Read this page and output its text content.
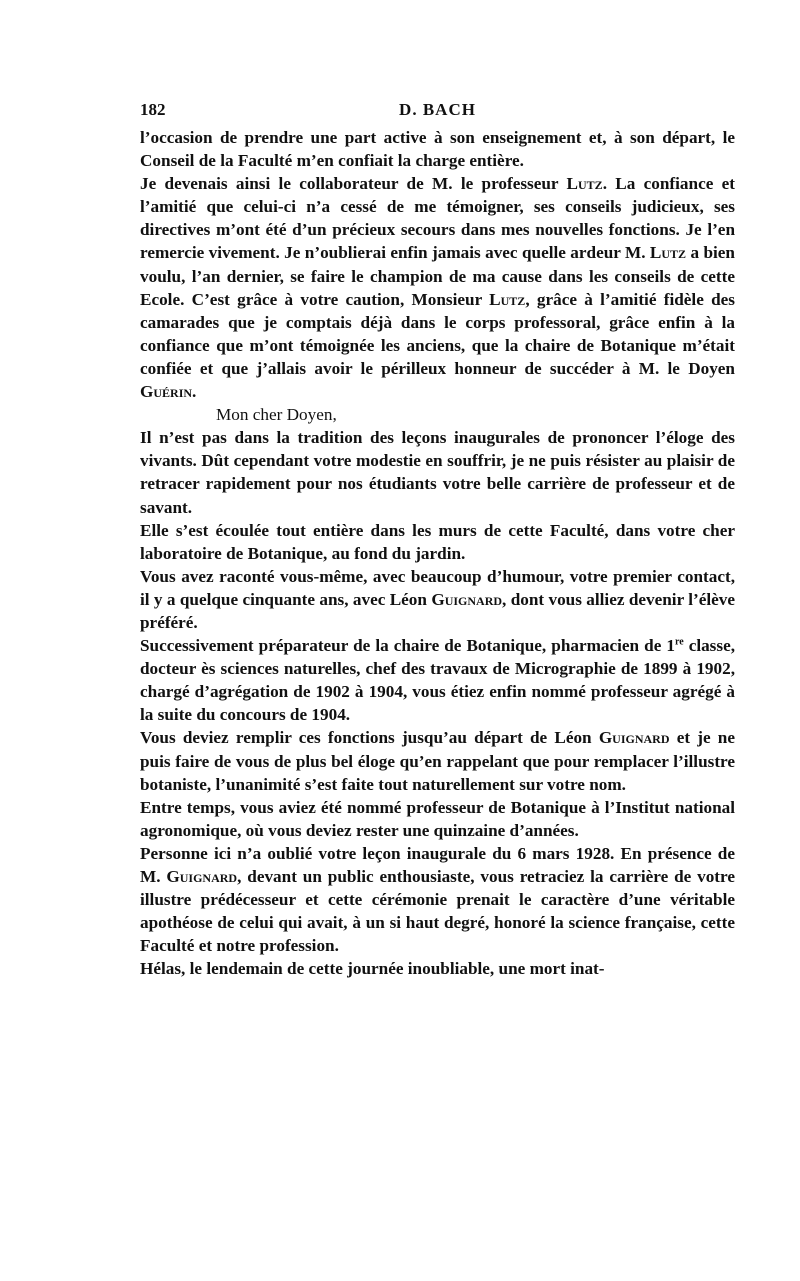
182	D. BACH

l’occasion de prendre une part active à son enseignement et, à son départ, le Conseil de la Faculté m’en confiait la charge entière.

Je devenais ainsi le collaborateur de M. le professeur Lutz. La confiance et l’amitié que celui-ci n’a cessé de me témoigner, ses conseils judicieux, ses directives m’ont été d’un précieux secours dans mes nouvelles fonctions. Je l’en remercie vivement. Je n’oublierai enfin jamais avec quelle ardeur M. Lutz a bien voulu, l’an dernier, se faire le champion de ma cause dans les conseils de cette Ecole. C’est grâce à votre caution, Monsieur Lutz, grâce à l’amitié fidèle des camarades que je comptais déjà dans le corps professoral, grâce enfin à la confiance que m’ont témoignée les anciens, que la chaire de Botanique m’était confiée et que j’allais avoir le périlleux honneur de succéder à M. le Doyen Guérin.

Mon cher Doyen,

Il n’est pas dans la tradition des leçons inaugurales de prononcer l’éloge des vivants. Dût cependant votre modestie en souffrir, je ne puis résister au plaisir de retracer rapidement pour nos étudiants votre belle carrière de professeur et de savant.

Elle s’est écoulée tout entière dans les murs de cette Faculté, dans votre cher laboratoire de Botanique, au fond du jardin.

Vous avez raconté vous-même, avec beaucoup d’humour, votre premier contact, il y a quelque cinquante ans, avec Léon Guignard, dont vous alliez devenir l’élève préféré.

Successivement préparateur de la chaire de Botanique, pharmacien de 1re classe, docteur ès sciences naturelles, chef des travaux de Micrographie de 1899 à 1902, chargé d’agrégation de 1902 à 1904, vous étiez enfin nommé professeur agrégé à la suite du concours de 1904.

Vous deviez remplir ces fonctions jusqu’au départ de Léon Guignard et je ne puis faire de vous de plus bel éloge qu’en rappelant que pour remplacer l’illustre botaniste, l’unanimité s’est faite tout naturellement sur votre nom.

Entre temps, vous aviez été nommé professeur de Botanique à l’Institut national agronomique, où vous deviez rester une quinzaine d’années.

Personne ici n’a oublié votre leçon inaugurale du 6 mars 1928. En présence de M. Guignard, devant un public enthousiaste, vous retraciez la carrière de votre illustre prédécesseur et cette cérémonie prenait le caractère d’une véritable apothéose de celui qui avait, à un si haut degré, honoré la science française, cette Faculté et notre profession.

Hélas, le lendemain de cette journée inoubliable, une mort inat-
